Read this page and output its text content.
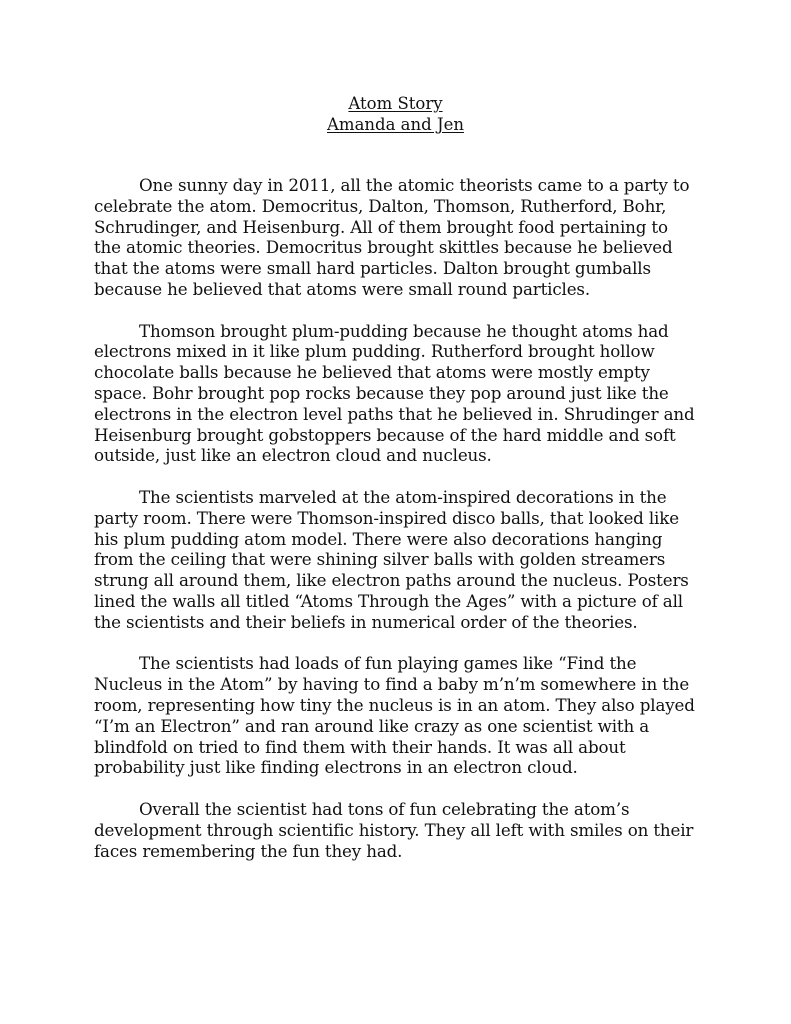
Atom Story
Amanda and Jen

One sunny day in 2011, all the atomic theorists came to a party to celebrate the atom. Democritus, Dalton, Thomson, Rutherford, Bohr, Schrudinger, and Heisenburg. All of them brought food pertaining to the atomic theories. Democritus brought skittles because he believed that the atoms were small hard particles. Dalton brought gumballs because he believed that atoms were small round particles.

Thomson brought plum-pudding because he thought atoms had electrons mixed in it like plum pudding. Rutherford brought hollow chocolate balls because he believed that atoms were mostly empty space. Bohr brought pop rocks because they pop around just like the electrons in the electron level paths that he believed in. Shrudinger and Heisenburg brought gobstoppers because of the hard middle and soft outside, just like an electron cloud and nucleus.

The scientists marveled at the atom-inspired decorations in the party room. There were Thomson-inspired disco balls, that looked like his plum pudding atom model. There were also decorations hanging from the ceiling that were shining silver balls with golden streamers strung all around them, like electron paths around the nucleus. Posters lined the walls all titled “Atoms Through the Ages” with a picture of all the scientists and their beliefs in numerical order of the theories.

The scientists had loads of fun playing games like “Find the Nucleus in the Atom” by having to find a baby m’n’m somewhere in the room, representing how tiny the nucleus is in an atom. They also played “I’m an Electron” and ran around like crazy as one scientist with a blindfold on tried to find them with their hands. It was all about probability just like finding electrons in an electron cloud.

Overall the scientist had tons of fun celebrating the atom’s development through scientific history. They all left with smiles on their faces remembering the fun they had.
